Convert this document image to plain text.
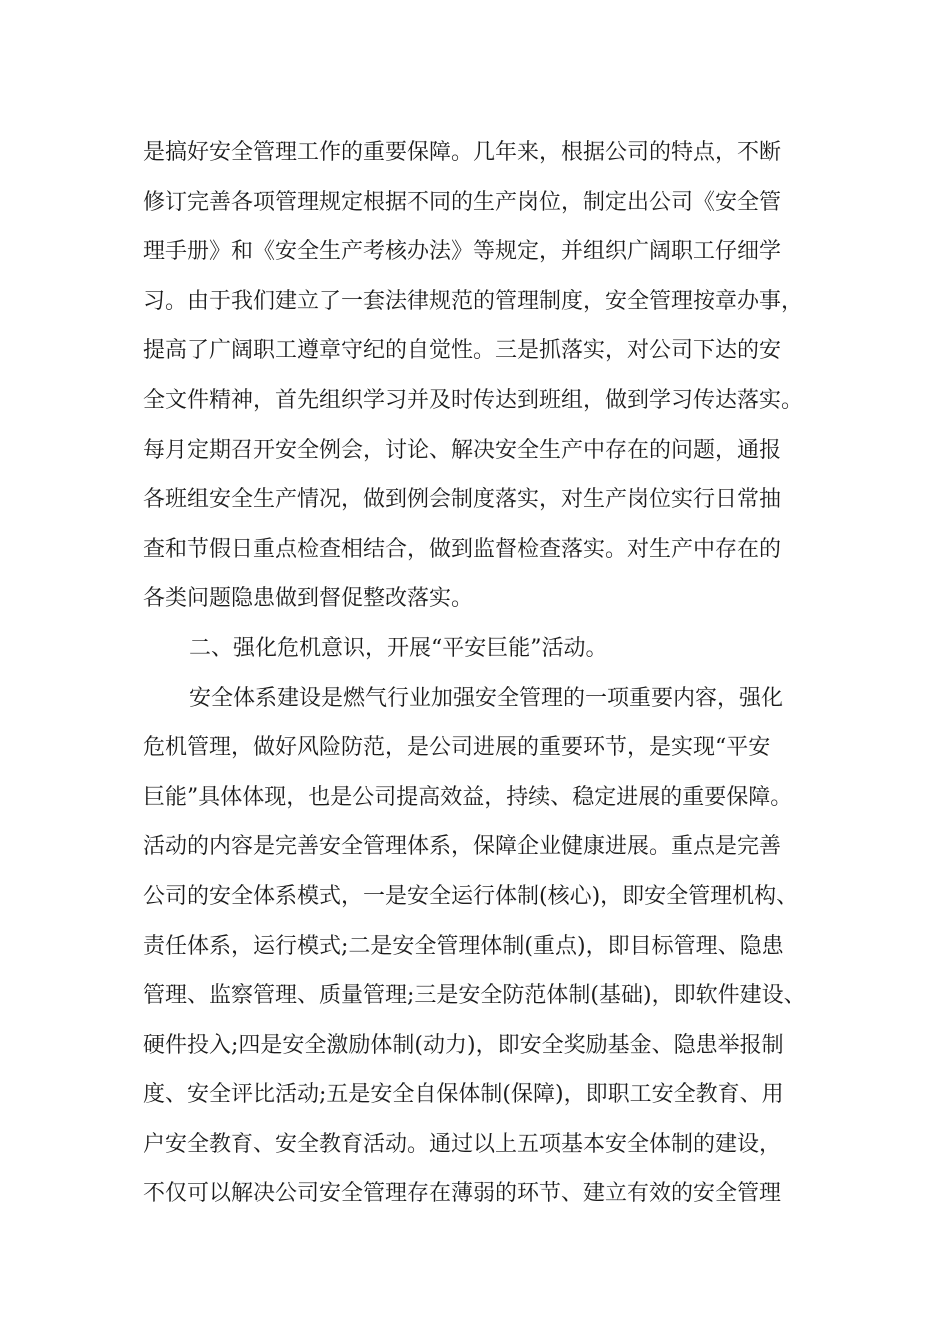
是搞好安全管理工作的重要保障。几年来，根据公司的特点，不断
修订完善各项管理规定根据不同的生产岗位，制定出公司《安全管
理手册》和《安全生产考核办法》等规定，并组织广阔职工仔细学
习。由于我们建立了一套法律规范的管理制度，安全管理按章办事，
提高了广阔职工遵章守纪的自觉性。三是抓落实，对公司下达的安
全文件精神，首先组织学习并及时传达到班组，做到学习传达落实。
每月定期召开安全例会，讨论、解决安全生产中存在的问题，通报
各班组安全生产情况，做到例会制度落实，对生产岗位实行日常抽
查和节假日重点检查相结合，做到监督检查落实。对生产中存在的
各类问题隐患做到督促整改落实。
二、强化危机意识，开展“平安巨能”活动。
安全体系建设是燃气行业加强安全管理的一项重要内容，强化
危机管理，做好风险防范，是公司进展的重要环节，是实现“平安
巨能”具体体现，也是公司提高效益，持续、稳定进展的重要保障。
活动的内容是完善安全管理体系，保障企业健康进展。重点是完善
公司的安全体系模式，一是安全运行体制(核心)，即安全管理机构、
责任体系，运行模式;二是安全管理体制(重点)，即目标管理、隐患
管理、监察管理、质量管理;三是安全防范体制(基础)，即软件建设、
硬件投入;四是安全激励体制(动力)，即安全奖励基金、隐患举报制
度、安全评比活动;五是安全自保体制(保障)，即职工安全教育、用
户安全教育、安全教育活动。通过以上五项基本安全体制的建设，
不仅可以解决公司安全管理存在薄弱的环节、建立有效的安全管理
